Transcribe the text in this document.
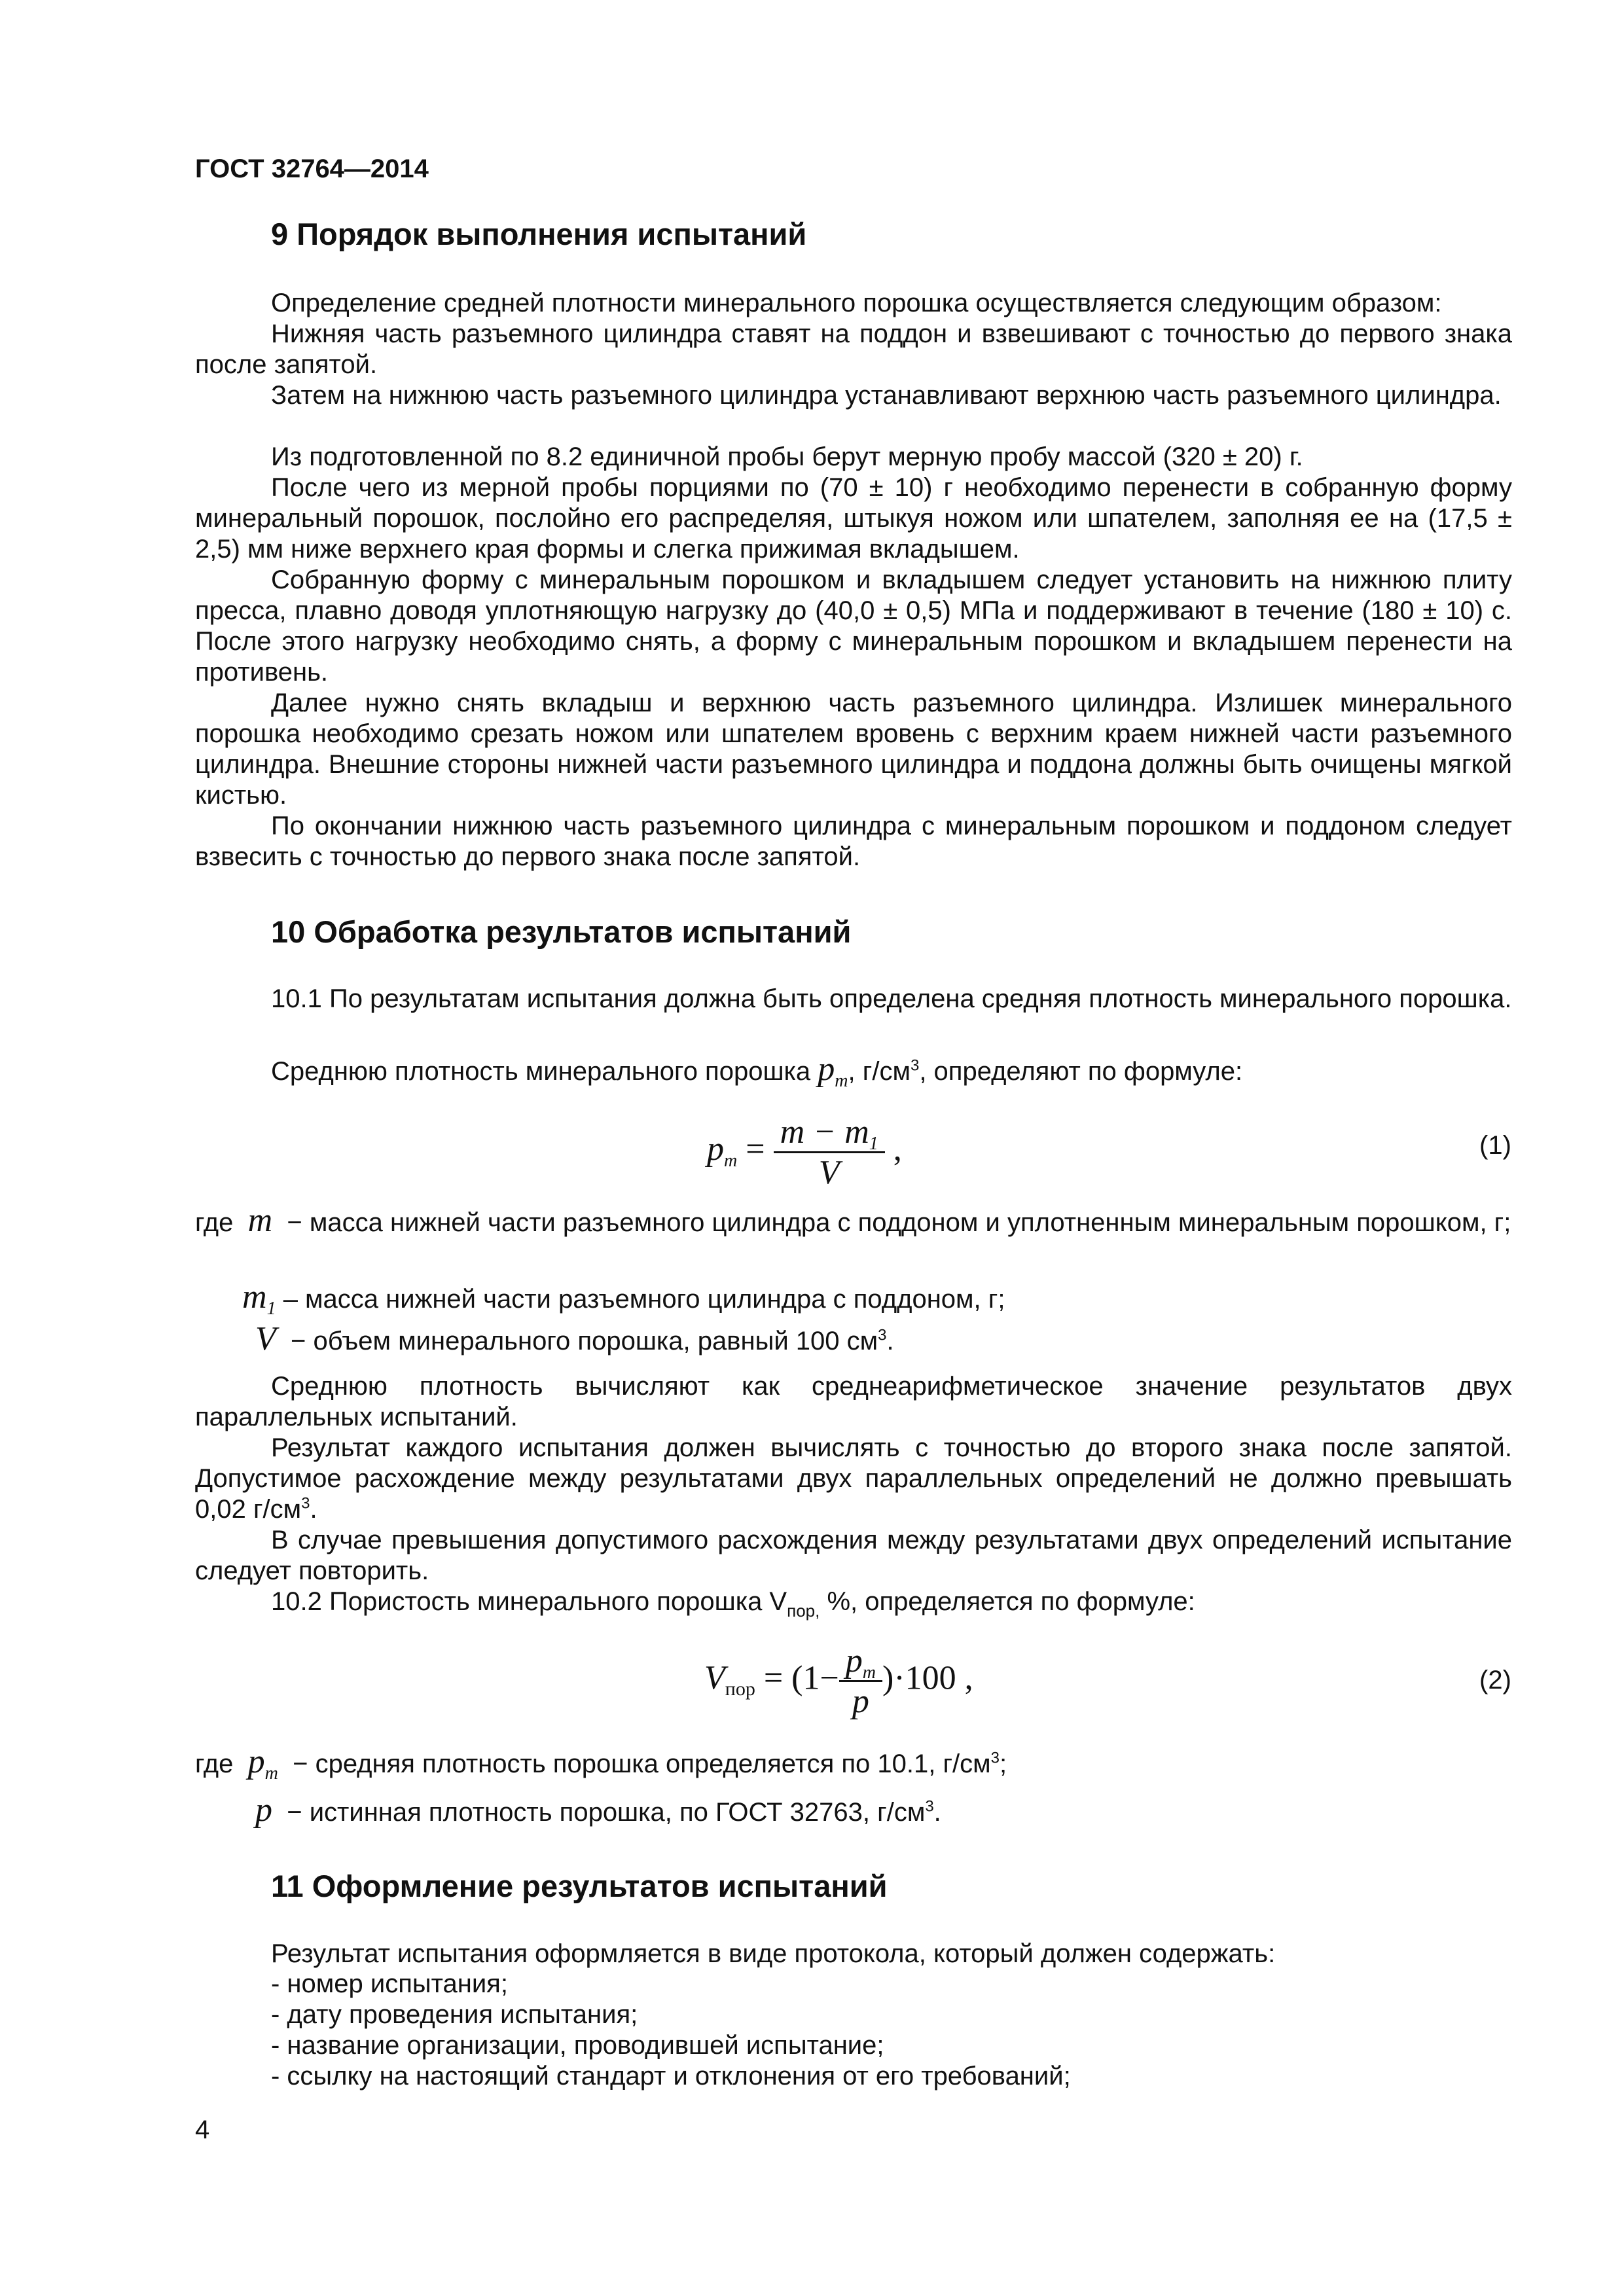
ГОСТ 32764—2014
9 Порядок выполнения испытаний

Определение средней плотности минерального порошка осуществляется следующим образом:

Нижняя часть разъемного цилиндра ставят на поддон и взвешивают с точностью до первого знака после запятой.

Затем на нижнюю часть разъемного цилиндра устанавливают верхнюю часть разъемного цилиндра.

Из подготовленной по 8.2 единичной пробы берут мерную пробу массой (320 ± 20) г.

После чего из мерной пробы порциями по (70 ± 10) г необходимо перенести в собранную форму минеральный порошок, послойно его распределяя, штыкуя ножом или шпателем, заполняя ее на (17,5 ± 2,5) мм ниже верхнего края формы и слегка прижимая вкладышем.

Собранную форму с минеральным порошком и вкладышем следует установить на нижнюю плиту пресса, плавно доводя уплотняющую нагрузку до (40,0 ± 0,5) МПа и поддерживают в течение (180 ± 10) с. После этого нагрузку необходимо снять, а форму с минеральным порошком и вкладышем перенести на противень.

Далее нужно снять вкладыш и верхнюю часть разъемного цилиндра. Излишек минерального порошка необходимо срезать ножом или шпателем вровень с верхним краем нижней части разъемного цилиндра. Внешние стороны нижней части разъемного цилиндра и поддона должны быть очищены мягкой кистью.

По окончании нижнюю часть разъемного цилиндра с минеральным порошком и поддоном следует взвесить с точностью до первого знака после запятой.

10 Обработка результатов испытаний

10.1 По результатам испытания должна быть определена средняя плотность минерального порошка.

Среднюю плотность минерального порошка $p_m$, $г/см^3$, определяют по формуле:

$p_m = \frac{m - m_1}{V}$ ,	(1)

где m − масса нижней части разъемного цилиндра с поддоном и уплотненным минеральным порошком, г;

$m_1$ – масса нижней части разъемного цилиндра с поддоном, г;

V − объем минерального порошка, равный 100 $см^3$.

Среднюю плотность вычисляют как среднеарифметическое значение результатов двух параллельных испытаний.

Результат каждого испытания должен вычислять с точностью до второго знака после запятой. Допустимое расхождение между результатами двух параллельных определений не должно превышать 0,02 $г/см^3$.

В случае превышения допустимого расхождения между результатами двух определений испытание следует повторить.

10.2 Пористость минерального порошка $V_{пор,}$ %, определяется по формуле:

$V_{пор} = (1- \frac{p_m}{p} )\cdot 100$ ,	(2)

где $p_m$ − средняя плотность порошка определяется по 10.1, $г/см^3$;

p − истинная плотность порошка, по ГОСТ 32763, $г/см^3$.

11 Оформление результатов испытаний

Результат испытания оформляется в виде протокола, который должен содержать:

- номер испытания;
- дату проведения испытания;
- название организации, проводившей испытание;
- ссылку на настоящий стандарт и отклонения от его требований;
4
